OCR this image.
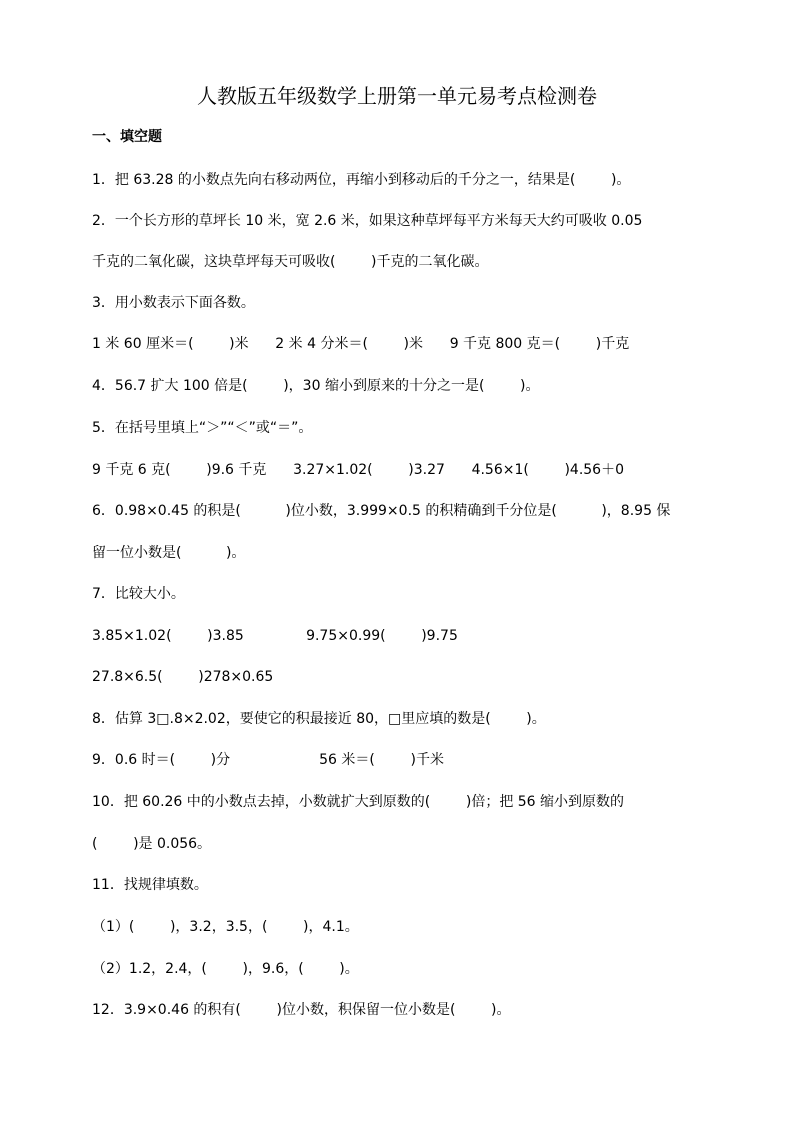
人教版五年级数学上册第一单元易考点检测卷
一、填空题
1．把 63.28 的小数点先向右移动两位，再缩小到移动后的千分之一，结果是(        )。
2．一个长方形的草坪长 10 米，宽 2.6 米，如果这种草坪每平方米每天大约可吸收 0.05
千克的二氧化碳，这块草坪每天可吸收(        )千克的二氧化碳。
3．用小数表示下面各数。
1 米 60 厘米＝(        )米      2 米 4 分米＝(        )米      9 千克 800 克＝(        )千克
4．56.7 扩大 100 倍是(        )，30 缩小到原来的十分之一是(        )。
5．在括号里填上“＞”“＜”或“＝”。
9 千克 6 克(        )9.6 千克      3.27×1.02(        )3.27      4.56×1(        )4.56＋0
6．0.98×0.45 的积是(          )位小数，3.999×0.5 的积精确到千分位是(          )，8.95 保
留一位小数是(          )。
7．比较大小。
3.85×1.02(        )3.85              9.75×0.99(        )9.75
27.8×6.5(        )278×0.65
8．估算 3□.8×2.02，要使它的积最接近 80，□里应填的数是(        )。
9．0.6 时＝(        )分                    56 米＝(        )千米
10．把 60.26 中的小数点去掉，小数就扩大到原数的(        )倍；把 56 缩小到原数的
(        )是 0.056。
11．找规律填数。
（1）(        )，3.2，3.5，(        )，4.1。
（2）1.2，2.4，(        )，9.6，(        )。
12．3.9×0.46 的积有(        )位小数，积保留一位小数是(        )。
